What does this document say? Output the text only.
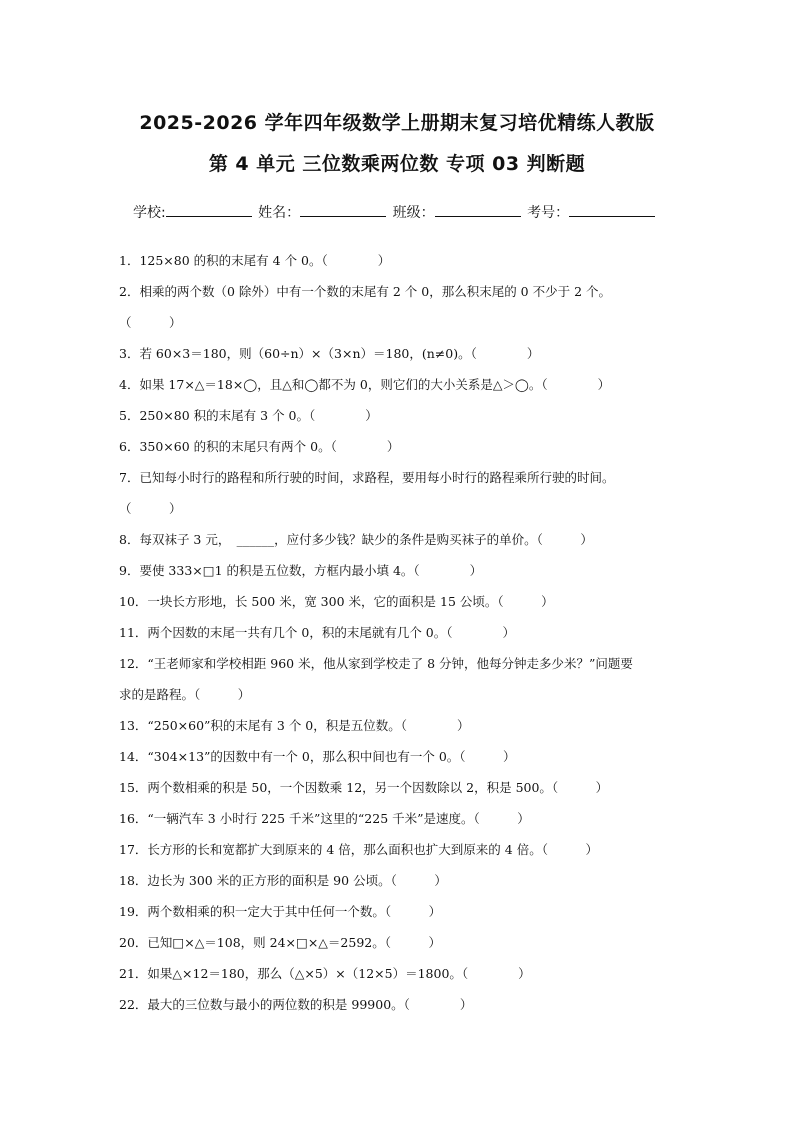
2025-2026 学年四年级数学上册期末复习培优精练人教版
第 4 单元 三位数乘两位数 专项 03 判断题
学校:	姓名：	班级：	考号：
1．125×80 的积的末尾有 4 个 0。（　　　　）
2．相乘的两个数（0 除外）中有一个数的末尾有 2 个 0，那么积末尾的 0 不少于 2 个。
（　　　）
3．若 60×3＝180，则（60÷n）×（3×n）＝180，(n≠0)。（　　　　）
4．如果 17×△＝18×◯，且△和◯都不为 0，则它们的大小关系是△＞◯。（　　　　）
5．250×80 积的末尾有 3 个 0。（　　　　）
6．350×60 的积的末尾只有两个 0。（　　　　）
7．已知每小时行的路程和所行驶的时间，求路程，要用每小时行的路程乘所行驶的时间。
（　　　）
8．每双袜子 3 元，　______，应付多少钱？缺少的条件是购买袜子的单价。（　　　）
9．要使 333×□1 的积是五位数，方框内最小填 4。（　　　　）
10．一块长方形地，长 500 米，宽 300 米，它的面积是 15 公顷。（　　　）
11．两个因数的末尾一共有几个 0，积的末尾就有几个 0。（　　　　）
12．“王老师家和学校相距 960 米，他从家到学校走了 8 分钟，他每分钟走多少米？”问题要
求的是路程。（　　　）
13．“250×60”积的末尾有 3 个 0，积是五位数。（　　　　）
14．“304×13”的因数中有一个 0，那么积中间也有一个 0。（　　　）
15．两个数相乘的积是 50，一个因数乘 12，另一个因数除以 2，积是 500。（　　　）
16．“一辆汽车 3 小时行 225 千米”这里的“225 千米”是速度。（　　　）
17．长方形的长和宽都扩大到原来的 4 倍，那么面积也扩大到原来的 4 倍。（　　　）
18．边长为 300 米的正方形的面积是 90 公顷。（　　　）
19．两个数相乘的积一定大于其中任何一个数。（　　　）
20．已知□×△＝108，则 24×□×△＝2592。（　　　）
21．如果△×12＝180，那么（△×5）×（12×5）＝1800。（　　　　）
22．最大的三位数与最小的两位数的积是 99900。（　　　　）
